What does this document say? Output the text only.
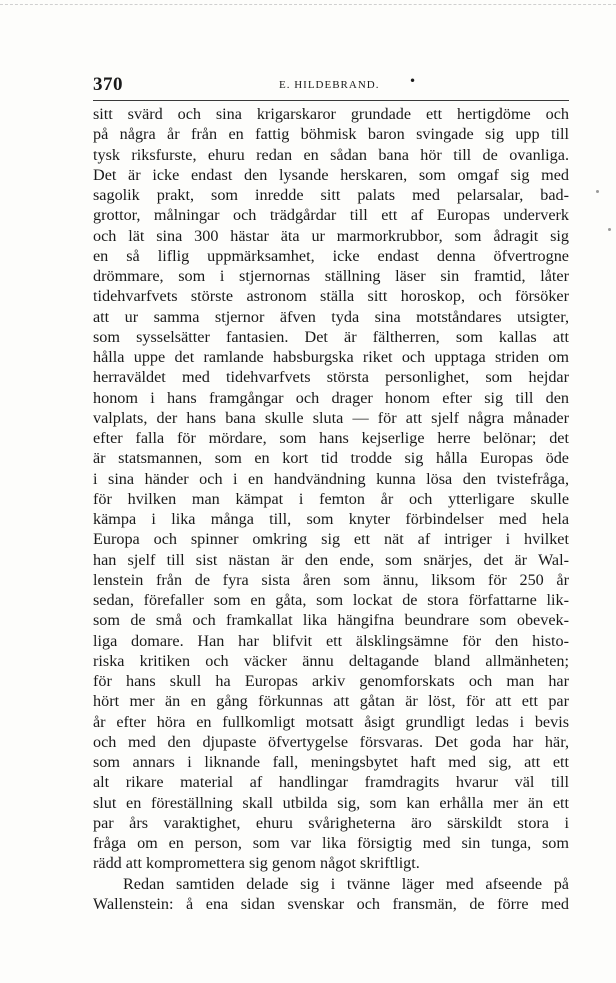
370	E. HILDEBRAND. •
sitt svärd och sina krigarskaror grundade ett hertigdöme och
på några år från en fattig böhmisk baron svingade sig upp till
tysk riksfurste, ehuru redan en sådan bana hör till de ovanliga.
Det är icke endast den lysande herskaren, som omgaf sig med
sagolik prakt, som inredde sitt palats med pelarsalar, bad-
grottor, målningar och trädgårdar till ett af Europas underverk
och lät sina 300 hästar äta ur marmorkrubbor, som ådragit sig
en så liflig uppmärksamhet, icke endast denna öfvertrogne
drömmare, som i stjernornas ställning läser sin framtid, låter
tidehvarfvets störste astronom ställa sitt horoskop, och försöker
att ur samma stjernor äfven tyda sina motståndares utsigter,
som sysselsätter fantasien. Det är fältherren, som kallas att
hålla uppe det ramlande habsburgska riket och upptaga striden om
herraväldet med tidehvarfvets största personlighet, som hejdar
honom i hans framgångar och drager honom efter sig till den
valplats, der hans bana skulle sluta — för att sjelf några månader
efter falla för mördare, som hans kejserlige herre belönar; det
är statsmannen, som en kort tid trodde sig hålla Europas öde
i sina händer och i en handvändning kunna lösa den tvistefråga,
för hvilken man kämpat i femton år och ytterligare skulle
kämpa i lika många till, som knyter förbindelser med hela
Europa och spinner omkring sig ett nät af intriger i hvilket
han sjelf till sist nästan är den ende, som snärjes, det är Wal-
lenstein från de fyra sista åren som ännu, liksom för 250 år
sedan, förefaller som en gåta, som lockat de stora författarne lik-
som de små och framkallat lika hängifna beundrare som obevek-
liga domare. Han har blifvit ett älsklingsämne för den histo-
riska kritiken och väcker ännu deltagande bland allmänheten;
för hans skull ha Europas arkiv genomforskats och man har
hört mer än en gång förkunnas att gåtan är löst, för att ett par
år efter höra en fullkomligt motsatt åsigt grundligt ledas i bevis
och med den djupaste öfvertygelse försvaras. Det goda har här,
som annars i liknande fall, meningsbytet haft med sig, att ett
alt rikare material af handlingar framdragits hvarur väl till
slut en föreställning skall utbilda sig, som kan erhålla mer än ett
par års varaktighet, ehuru svårigheterna äro särskildt stora i
fråga om en person, som var lika försigtig med sin tunga, som
rädd att kompromettera sig genom något skriftligt.
Redan samtiden delade sig i tvänne läger med afseende på
Wallenstein: å ena sidan svenskar och fransmän, de förre med
